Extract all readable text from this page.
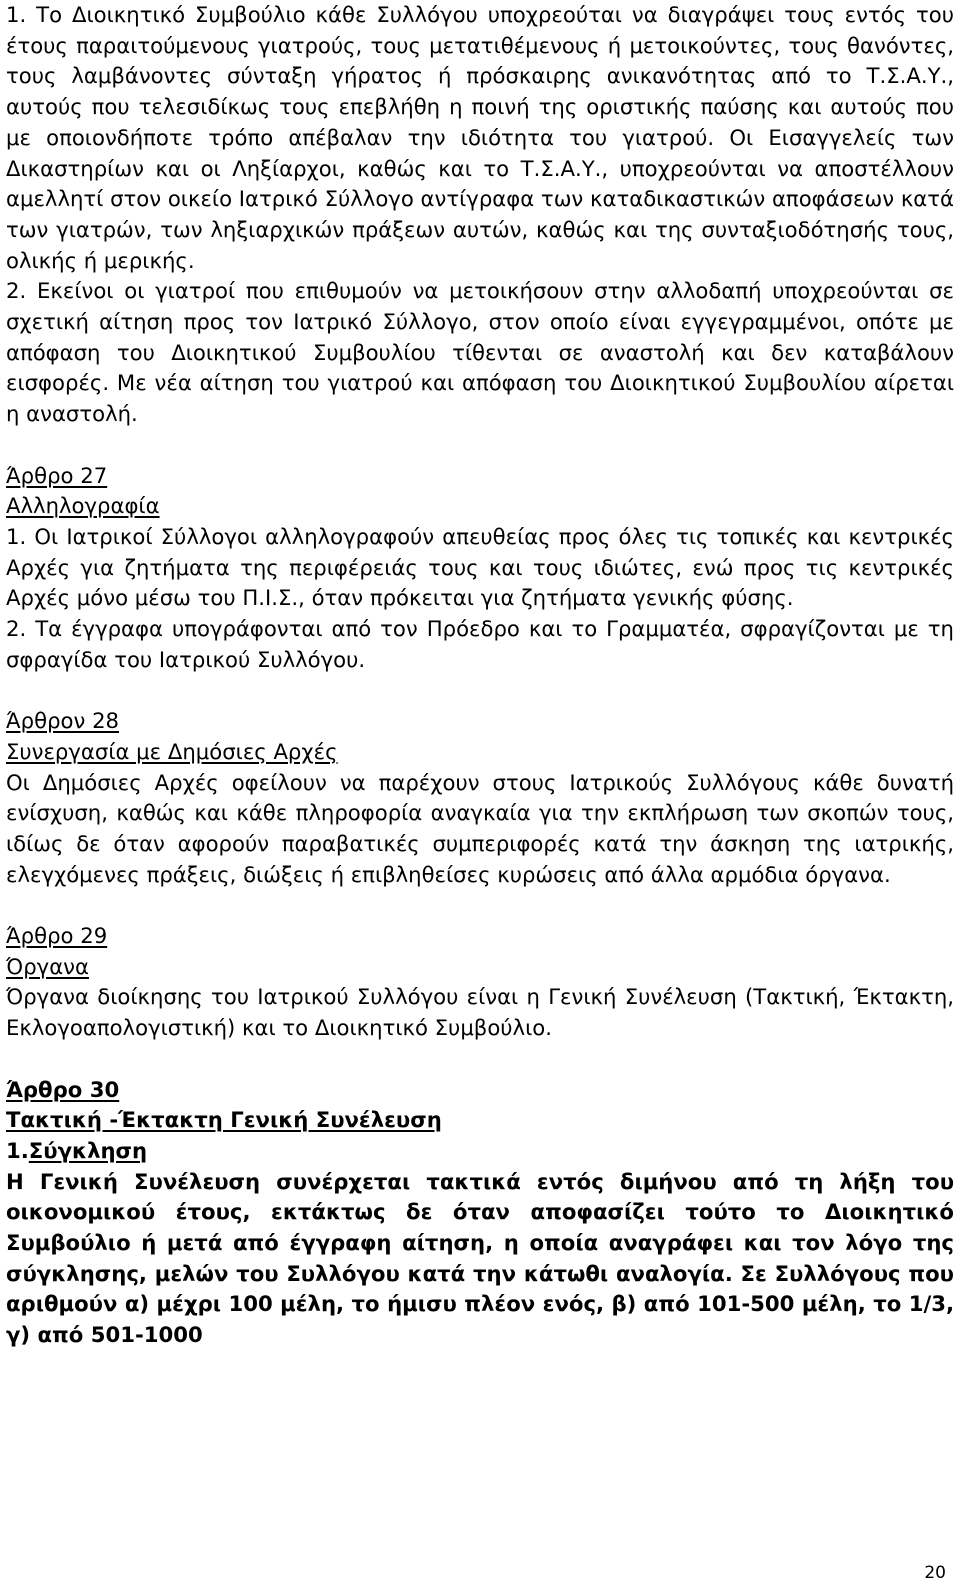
1. Το Διοικητικό Συμβούλιο κάθε Συλλόγου υποχρεούται να διαγράψει τους εντός του έτους παραιτούμενους γιατρούς, τους μετατιθέμενους ή μετοικούντες, τους θανόντες, τους λαμβάνοντες σύνταξη γήρατος ή πρόσκαιρης ανικανότητας από το Τ.Σ.Α.Υ., αυτούς που τελεσιδίκως τους επεβλήθη η ποινή της οριστικής παύσης και αυτούς που με οποιονδήποτε τρόπο απέβαλαν την ιδιότητα του γιατρού. Οι Εισαγγελείς των Δικαστηρίων και οι Ληξίαρχοι, καθώς και το Τ.Σ.Α.Υ., υποχρεούνται να αποστέλλουν αμελλητί στον οικείο Ιατρικό Σύλλογο αντίγραφα των καταδικαστικών αποφάσεων κατά των γιατρών, των ληξιαρχικών πράξεων αυτών, καθώς και της συνταξιοδότησής τους, ολικής ή μερικής.

2. Εκείνοι οι γιατροί που επιθυμούν να μετοικήσουν στην αλλοδαπή υποχρεούνται σε σχετική αίτηση προς τον Ιατρικό Σύλλογο, στον οποίο είναι εγγεγραμμένοι, οπότε με απόφαση του Διοικητικού Συμβουλίου τίθενται σε αναστολή και δεν καταβάλουν εισφορές. Με νέα αίτηση του γιατρού και απόφαση του Διοικητικού Συμβουλίου αίρεται η αναστολή.

Άρθρο 27

Αλληλογραφία

1. Οι Ιατρικοί Σύλλογοι αλληλογραφούν απευθείας προς όλες τις τοπικές και κεντρικές Αρχές για ζητήματα της περιφέρειάς τους και τους ιδιώτες, ενώ προς τις κεντρικές Αρχές μόνο μέσω του Π.Ι.Σ., όταν πρόκειται για ζητήματα γενικής φύσης.

2. Τα έγγραφα υπογράφονται από τον Πρόεδρο και το Γραμματέα, σφραγίζονται με τη σφραγίδα του Ιατρικού Συλλόγου.

Άρθρον 28

Συνεργασία με Δημόσιες Αρχές

Οι Δημόσιες Αρχές οφείλουν να παρέχουν στους Ιατρικούς Συλλόγους κάθε δυνατή ενίσχυση, καθώς και κάθε πληροφορία αναγκαία για την εκπλήρωση των σκοπών τους, ιδίως δε όταν αφορούν παραβατικές συμπεριφορές κατά την άσκηση της ιατρικής, ελεγχόμενες πράξεις, διώξεις ή επιβληθείσες κυρώσεις από άλλα αρμόδια όργανα.

Άρθρο 29

Όργανα

Όργανα διοίκησης του Ιατρικού Συλλόγου είναι η Γενική Συνέλευση (Τακτική, Έκτακτη, Εκλογοαπολογιστική) και το Διοικητικό Συμβούλιο.

Άρθρο 30

Τακτική -Έκτακτη Γενική Συνέλευση

1.Σύγκληση

Η Γενική Συνέλευση συνέρχεται τακτικά εντός διμήνου από τη λήξη του οικονομικού έτους, εκτάκτως δε όταν αποφασίζει τούτο το Διοικητικό Συμβούλιο ή μετά από έγγραφη αίτηση, η οποία αναγράφει και τον λόγο της σύγκλησης, μελών του Συλλόγου κατά την κάτωθι αναλογία. Σε Συλλόγους που αριθμούν α) μέχρι 100 μέλη, το ήμισυ πλέον ενός, β) από 101-500 μέλη, το 1/3, γ) από 501-1000

20
